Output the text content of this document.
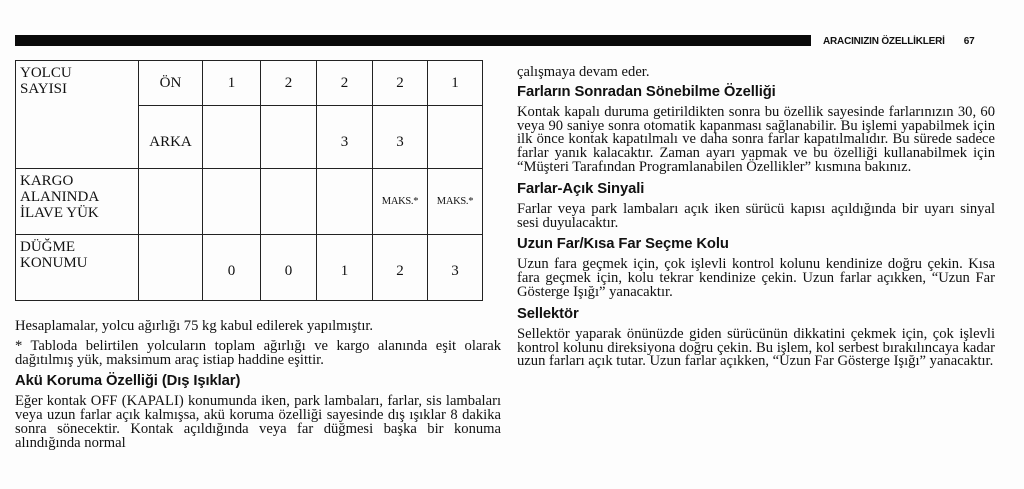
ARACINIZIN ÖZELLİKLERİ 67
YOLCU
SAYISI	ÖN	1	2	2	2	1
	ARKA			3	3	
KARGO
ALANINDA
İLAVE YÜK					MAKS.*	MAKS.*
DÜĞME
KONUMU		0	0	1	2	3

Hesaplamalar, yolcu ağırlığı 75 kg kabul edilerek yapılmıştır.

* Tabloda belirtilen yolcuların toplam ağırlığı ve kargo alanında eşit olarak dağıtılmış yük, maksimum araç istiap haddine eşittir.

Akü Koruma Özelliği (Dış Işıklar)

Eğer kontak OFF (KAPALI) konumunda iken, park lambaları, farlar, sis lambaları veya uzun farlar açık kalmışsa, akü koruma özelliği sayesinde dış ışıklar 8 dakika sonra sönecektir. Kontak açıldığında veya far düğmesi başka bir konuma alındığında normal

çalışmaya devam eder.

Farların Sonradan Sönebilme Özelliği

Kontak kapalı duruma getirildikten sonra bu özellik sayesinde farlarınızın 30, 60 veya 90 saniye sonra otomatik kapanması sağlanabilir. Bu işlemi yapabilmek için ilk önce kontak kapatılmalı ve daha sonra farlar kapatılmalıdır. Bu sürede sadece farlar yanık kalacaktır. Zaman ayarı yapmak ve bu özelliği kullanabilmek için “Müşteri Tarafından Programlanabilen Özellikler” kısmına bakınız.

Farlar-Açık Sinyali

Farlar veya park lambaları açık iken sürücü kapısı açıldığında bir uyarı sinyal sesi duyulacaktır.

Uzun Far/Kısa Far Seçme Kolu

Uzun fara geçmek için, çok işlevli kontrol kolunu kendinize doğru çekin. Kısa fara geçmek için, kolu tekrar kendinize çekin. Uzun farlar açıkken, “Uzun Far Gösterge Işığı” yanacaktır.

Sellektör

Sellektör yaparak önünüzde giden sürücünün dikkatini çekmek için, çok işlevli kontrol kolunu direksiyona doğru çekin. Bu işlem, kol serbest bırakılıncaya kadar uzun farları açık tutar. Uzun farlar açıkken, “Uzun Far Gösterge Işığı” yanacaktır.
